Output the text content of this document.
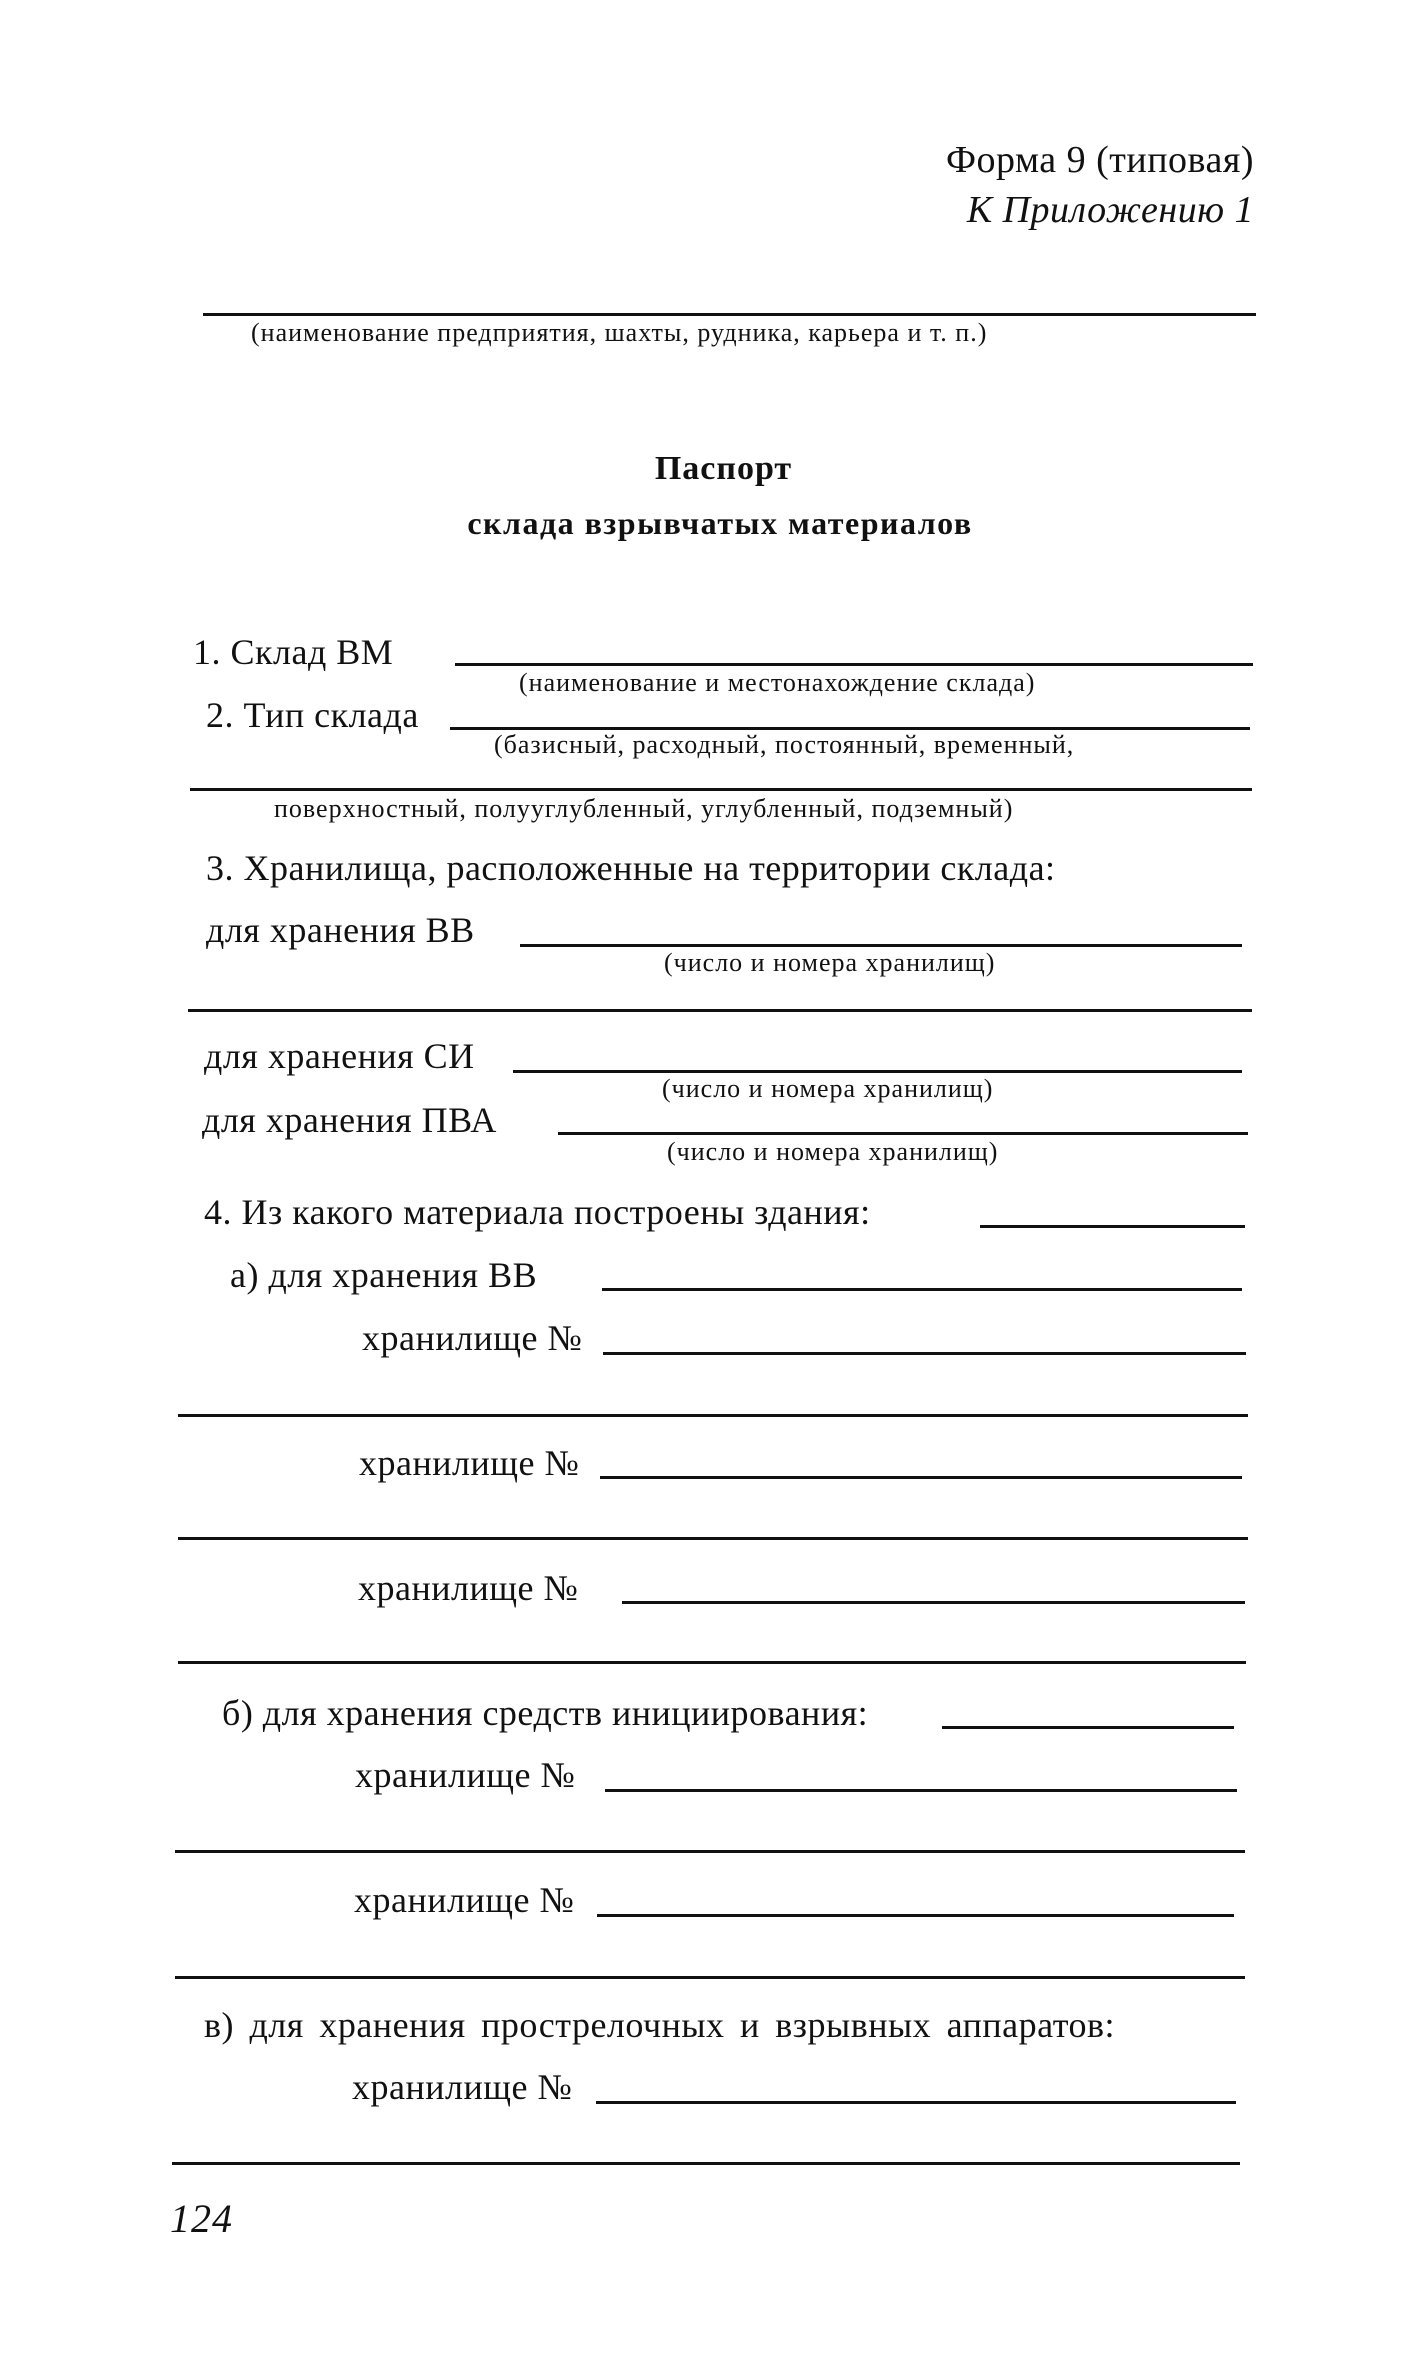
Форма 9 (типовая)
К Приложению 1
(наименование предприятия, шахты, рудника, карьера и т. п.)
Паспорт
склада взрывчатых материалов
1. Склад ВМ
(наименование и местонахождение склада)
2. Тип склада
(базисный, расходный, постоянный, временный,
поверхностный, полууглубленный, углубленный, подземный)
3. Хранилища, расположенные на территории склада:
для хранения ВВ
(число и номера хранилищ)
для хранения СИ
(число и номера хранилищ)
для хранения ПВА
(число и номера хранилищ)
4. Из какого материала построены здания:
а) для хранения ВВ
хранилище №
хранилище №
хранилище №
б) для хранения средств инициирования:
хранилище №
хранилище №
в) для хранения прострелочных и взрывных аппаратов:
хранилище №
124
